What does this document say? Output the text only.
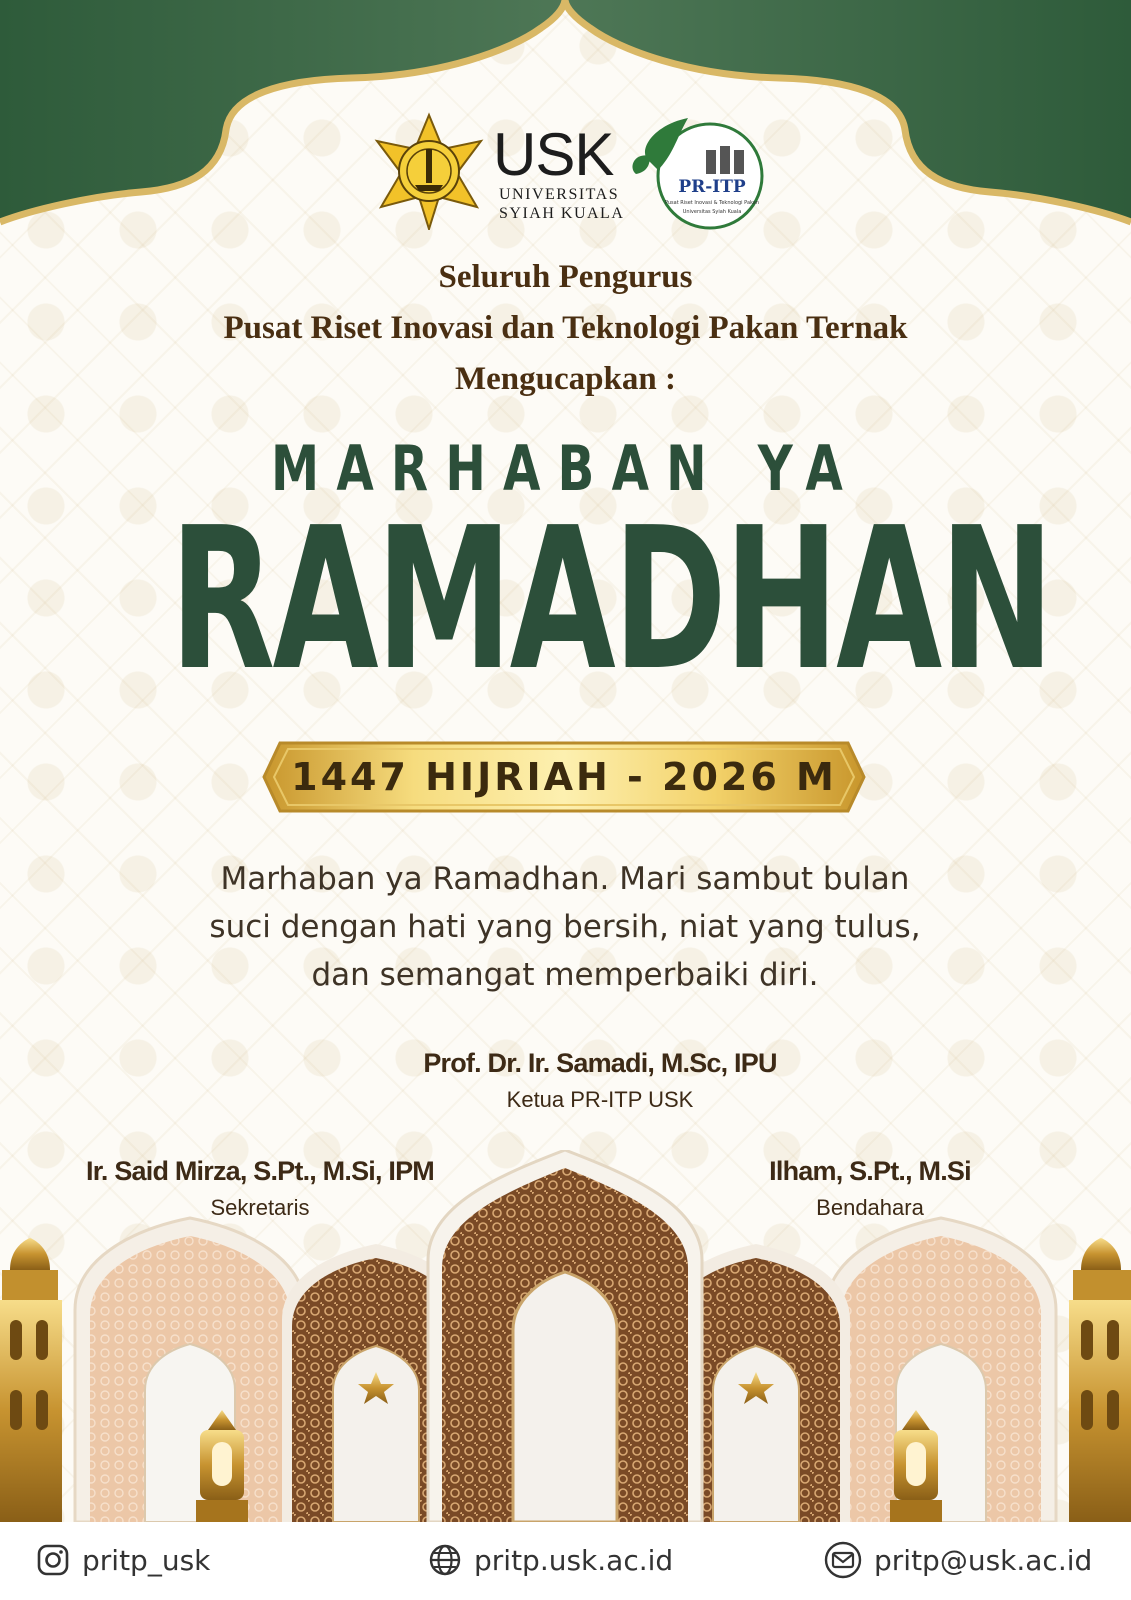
USK
UNIVERSITAS
SYIAH KUALA
PR-ITP
Pusat Riset Inovasi & Teknologi Pakan
Universitas Syiah Kuala
Seluruh Pengurus
Pusat Riset Inovasi dan Teknologi Pakan Ternak
Mengucapkan :
MARHABAN YA
RAMADHAN
1447 HIJRIAH - 2026 M
Marhaban ya Ramadhan. Mari sambut bulan
suci dengan hati yang bersih, niat yang tulus,
dan semangat memperbaiki diri.
Prof. Dr. Ir. Samadi, M.Sc, IPU
Ketua PR-ITP USK
Ir. Said Mirza, S.Pt., M.Si, IPM
Sekretaris
Ilham, S.Pt., M.Si
Bendahara
pritp_usk	pritp.usk.ac.id	pritp@usk.ac.id
